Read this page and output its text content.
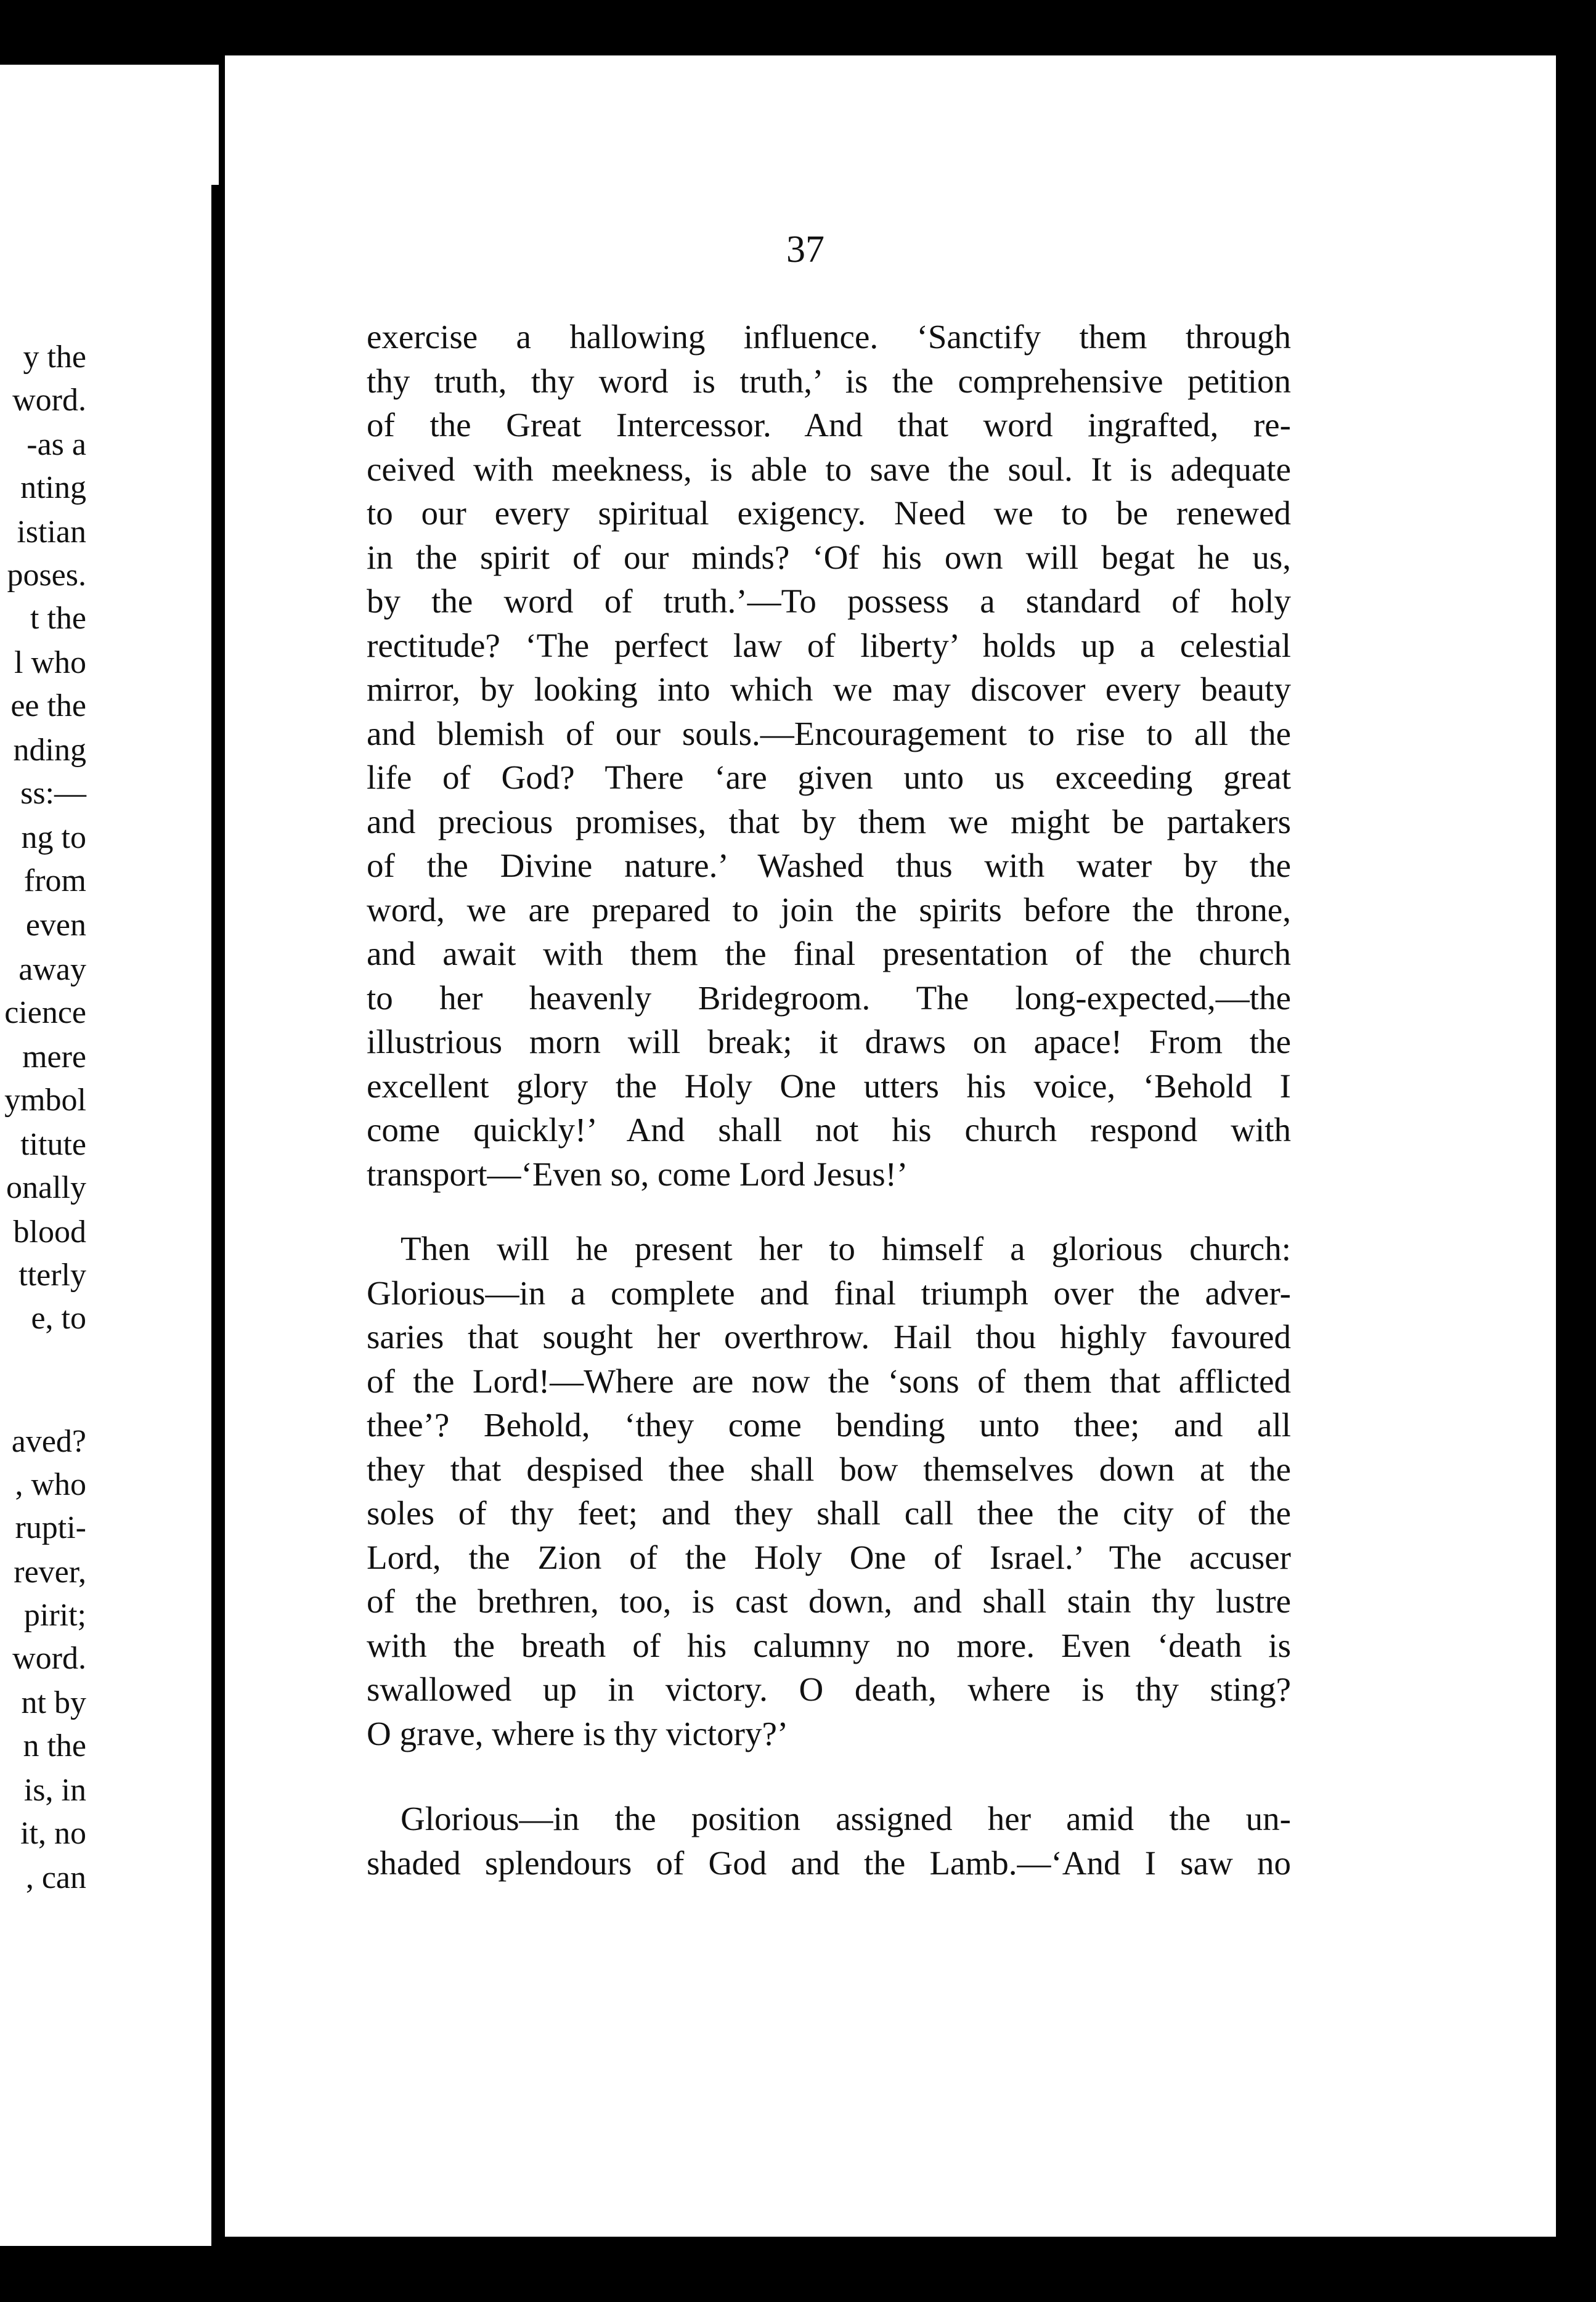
37
y the
word.
-as a
nting
istian
poses.
t the
l who
ee the
nding
ss:—
ng to
from
even
away
cience
mere
ymbol
titute
onally
blood
tterly
e, to
aved?
, who
rupti-
rever,
pirit;
word.
nt by
n the
is, in
it, no
, can
exercise a hallowing influence. ‘Sanctify them through
thy truth, thy word is truth,’ is the comprehensive petition
of the Great Intercessor. And that word ingrafted, re-
ceived with meekness, is able to save the soul. It is adequate
to our every spiritual exigency. Need we to be renewed
in the spirit of our minds? ‘Of his own will begat he us,
by the word of truth.’—To possess a standard of holy
rectitude? ‘The perfect law of liberty’ holds up a celestial
mirror, by looking into which we may discover every beauty
and blemish of our souls.—Encouragement to rise to all the
life of God? There ‘are given unto us exceeding great
and precious promises, that by them we might be partakers
of the Divine nature.’ Washed thus with water by the
word, we are prepared to join the spirits before the throne,
and await with them the final presentation of the church
to her heavenly Bridegroom. The long-expected,—the
illustrious morn will break; it draws on apace! From the
excellent glory the Holy One utters his voice, ‘Behold I
come quickly!’ And shall not his church respond with
transport—‘Even so, come Lord Jesus!’
Then will he present her to himself a glorious church:
Glorious—in a complete and final triumph over the adver-
saries that sought her overthrow. Hail thou highly favoured
of the Lord!—Where are now the ‘sons of them that afflicted
thee’? Behold, ‘they come bending unto thee; and all
they that despised thee shall bow themselves down at the
soles of thy feet; and they shall call thee the city of the
Lord, the Zion of the Holy One of Israel.’ The accuser
of the brethren, too, is cast down, and shall stain thy lustre
with the breath of his calumny no more. Even ‘death is
swallowed up in victory. O death, where is thy sting?
O grave, where is thy victory?’
Glorious—in the position assigned her amid the un-
shaded splendours of God and the Lamb.—‘And I saw no
